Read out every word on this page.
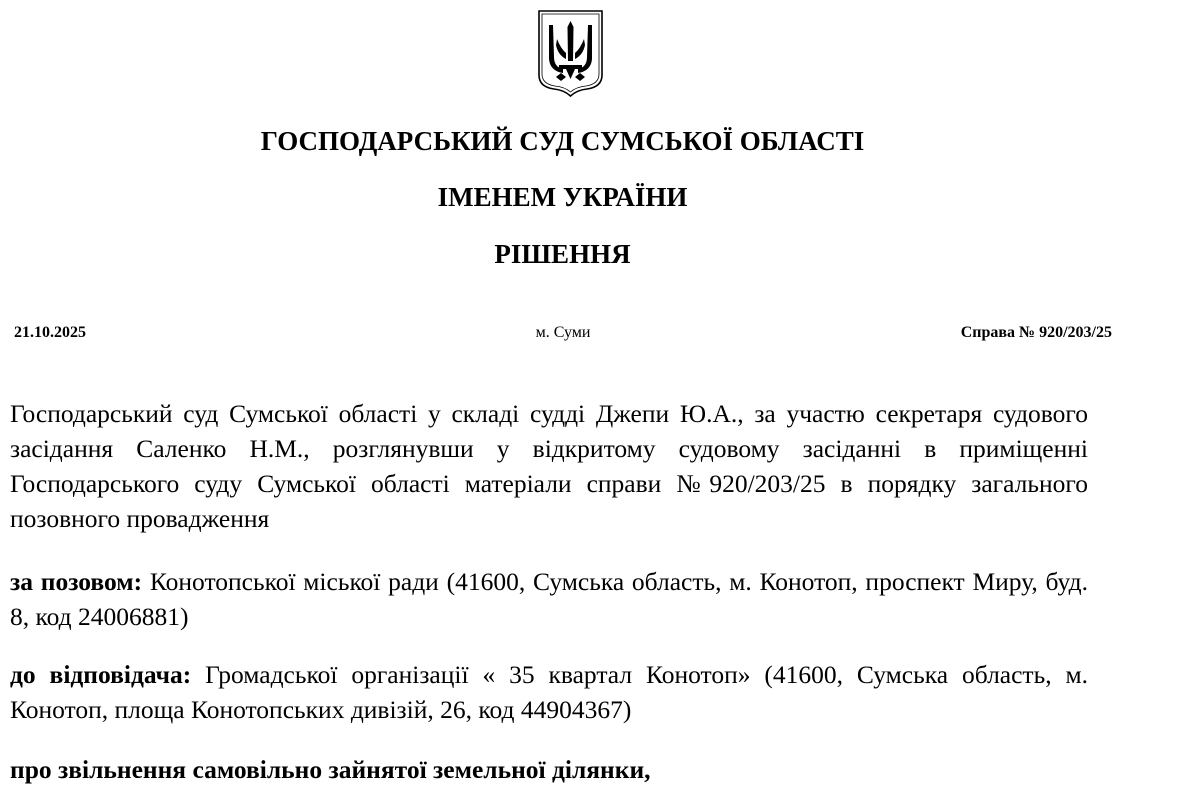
ГОСПОДАРСЬКИЙ СУД СУМСЬКОЇ ОБЛАСТІ
ІМЕНЕМ УКРАЇНИ
РІШЕННЯ
21.10.2025	м. Суми	Справа № 920/203/25

Господарський суд Сумської області у складі судді Джепи Ю.А., за участю секретаря судового засідання Саленко Н.М., розглянувши у відкритому судовому засіданні в приміщенні Господарського суду Сумської області матеріали справи №920/203/25 в порядку загального позовного провадження

за позовом: Конотопської міської ради (41600, Сумська область, м. Конотоп, проспект Миру, буд. 8, код 24006881)

до відповідача: Громадської організації « 35 квартал Конотоп» (41600, Сумська область, м. Конотоп, площа Конотопських дивізій, 26, код 44904367)

про звільнення самовільно зайнятої земельної ділянки,
